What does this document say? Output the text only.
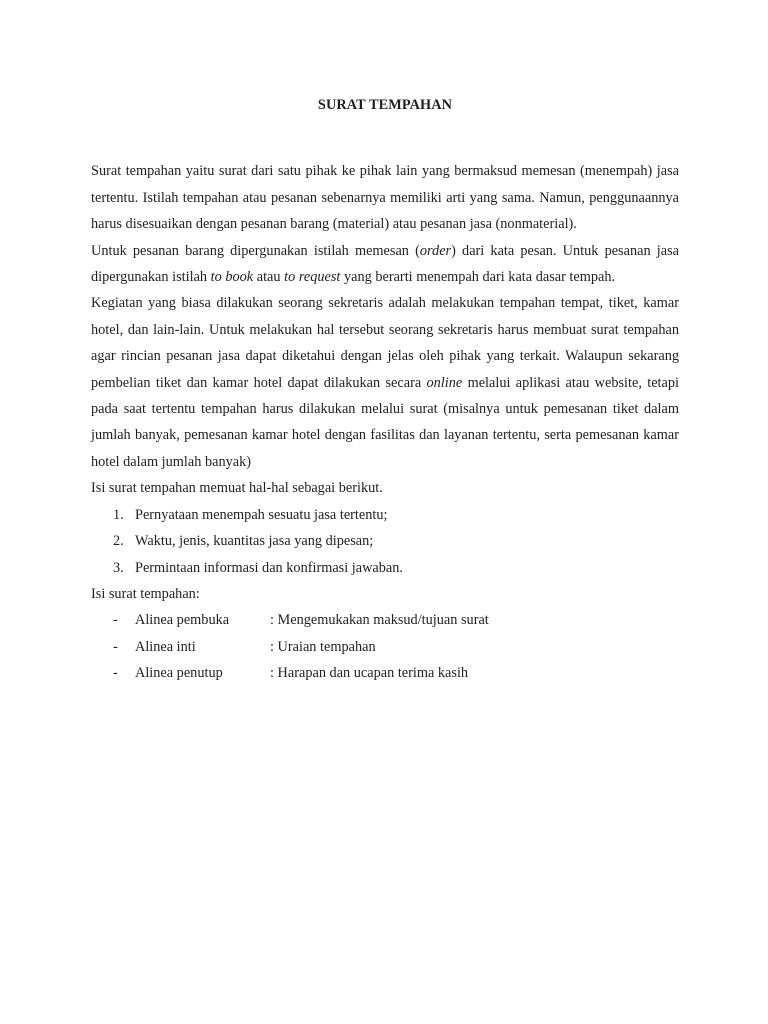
SURAT TEMPAHAN

Surat tempahan yaitu surat dari satu pihak ke pihak lain yang bermaksud memesan (menempah) jasa tertentu. Istilah tempahan atau pesanan sebenarnya memiliki arti yang sama. Namun, penggunaannya harus disesuaikan dengan pesanan barang (material) atau pesanan jasa (nonmaterial).

Untuk pesanan barang dipergunakan istilah memesan (order) dari kata pesan. Untuk pesanan jasa dipergunakan istilah to book atau to request yang berarti menempah dari kata dasar tempah.

Kegiatan yang biasa dilakukan seorang sekretaris adalah melakukan tempahan tempat, tiket, kamar hotel, dan lain-lain. Untuk melakukan hal tersebut seorang sekretaris harus membuat surat tempahan agar rincian pesanan jasa dapat diketahui dengan jelas oleh pihak yang terkait. Walaupun sekarang pembelian tiket dan kamar hotel dapat dilakukan secara online melalui aplikasi atau website, tetapi pada saat tertentu tempahan harus dilakukan melalui surat (misalnya untuk pemesanan tiket dalam jumlah banyak, pemesanan kamar hotel dengan fasilitas dan layanan tertentu, serta pemesanan kamar hotel dalam jumlah banyak)

Isi surat tempahan memuat hal-hal sebagai berikut.

1. Pernyataan menempah sesuatu jasa tertentu;
2. Waktu, jenis, kuantitas jasa yang dipesan;
3. Permintaan informasi dan konfirmasi jawaban.

Isi surat tempahan:

- Alinea pembuka	: Mengemukakan maksud/tujuan surat
- Alinea inti	: Uraian tempahan
- Alinea penutup	: Harapan dan ucapan terima kasih
